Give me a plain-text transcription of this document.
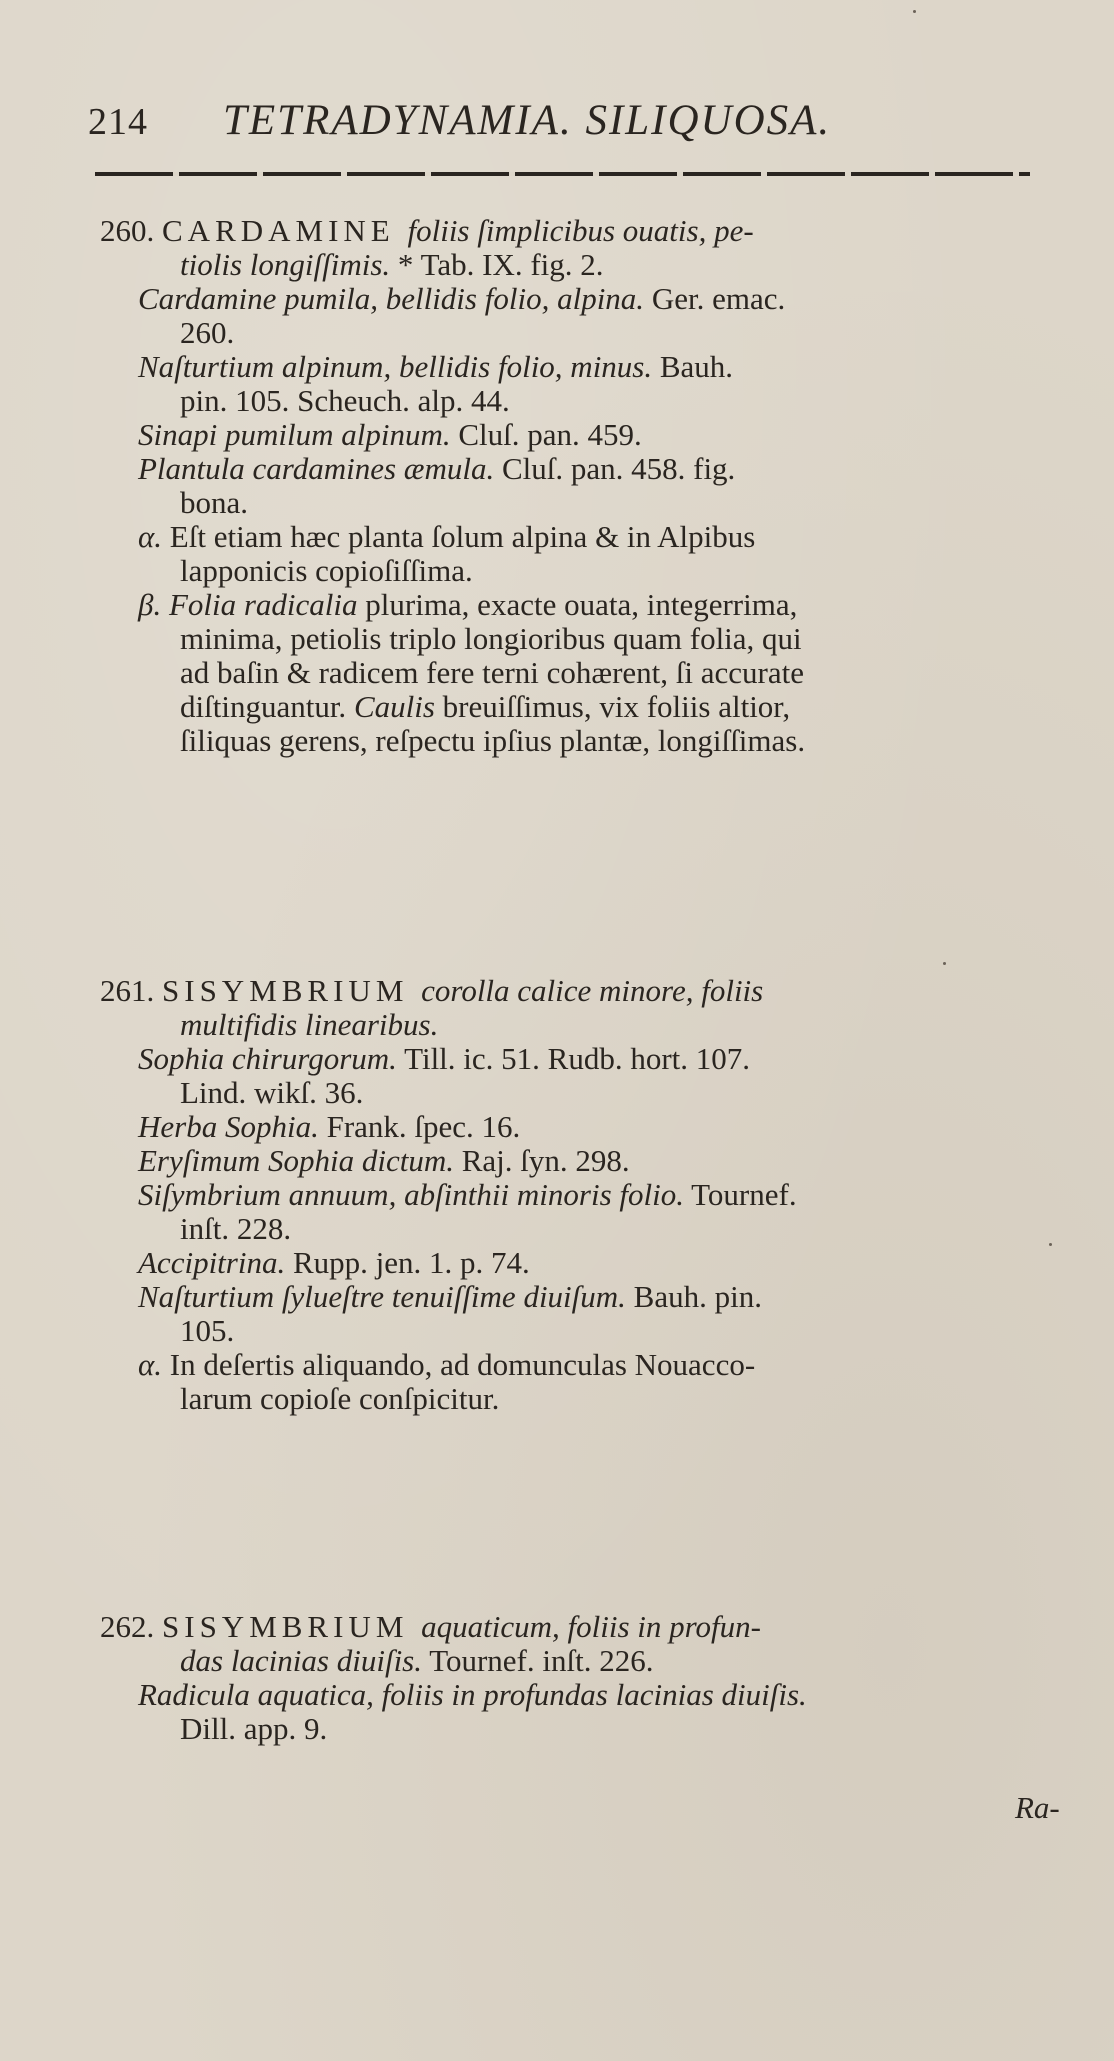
214 TETRADYNAMIA. SILIQUOSA.

260. CARDAMINE foliis ſimplicibus ouatis, pe-

tiolis longiſſimis. * Tab. IX. fig. 2.

Cardamine pumila, bellidis folio, alpina. Ger. emac.

260.

Naſturtium alpinum, bellidis folio, minus. Bauh.

pin. 105. Scheuch. alp. 44.

Sinapi pumilum alpinum. Cluſ. pan. 459.

Plantula cardamines æmula. Cluſ. pan. 458. fig.

bona.

α. Eſt etiam hæc planta ſolum alpina & in Alpibus

lapponicis copioſiſſima.

β. Folia radicalia plurima, exacte ouata, integerrima,

minima, petiolis triplo longioribus quam folia, qui

ad baſin & radicem fere terni cohærent, ſi accurate

diſtinguantur. Caulis breuiſſimus, vix foliis altior,

ſiliquas gerens, reſpectu ipſius plantæ, longiſſimas.

261. SISYMBRIUM corolla calice minore, foliis

multifidis linearibus.

Sophia chirurgorum. Till. ic. 51. Rudb. hort. 107.

Lind. wikſ. 36.

Herba Sophia. Frank. ſpec. 16.

Eryſimum Sophia dictum. Raj. ſyn. 298.

Siſymbrium annuum, abſinthii minoris folio. Tournef.

inſt. 228.

Accipitrina. Rupp. jen. 1. p. 74.

Naſturtium ſylueſtre tenuiſſime diuiſum. Bauh. pin.

105.

α. In deſertis aliquando, ad domunculas Nouacco-

larum copioſe conſpicitur.

262. SISYMBRIUM aquaticum, foliis in profun-

das lacinias diuiſis. Tournef. inſt. 226.

Radicula aquatica, foliis in profundas lacinias diuiſis.

Dill. app. 9.

Ra-
